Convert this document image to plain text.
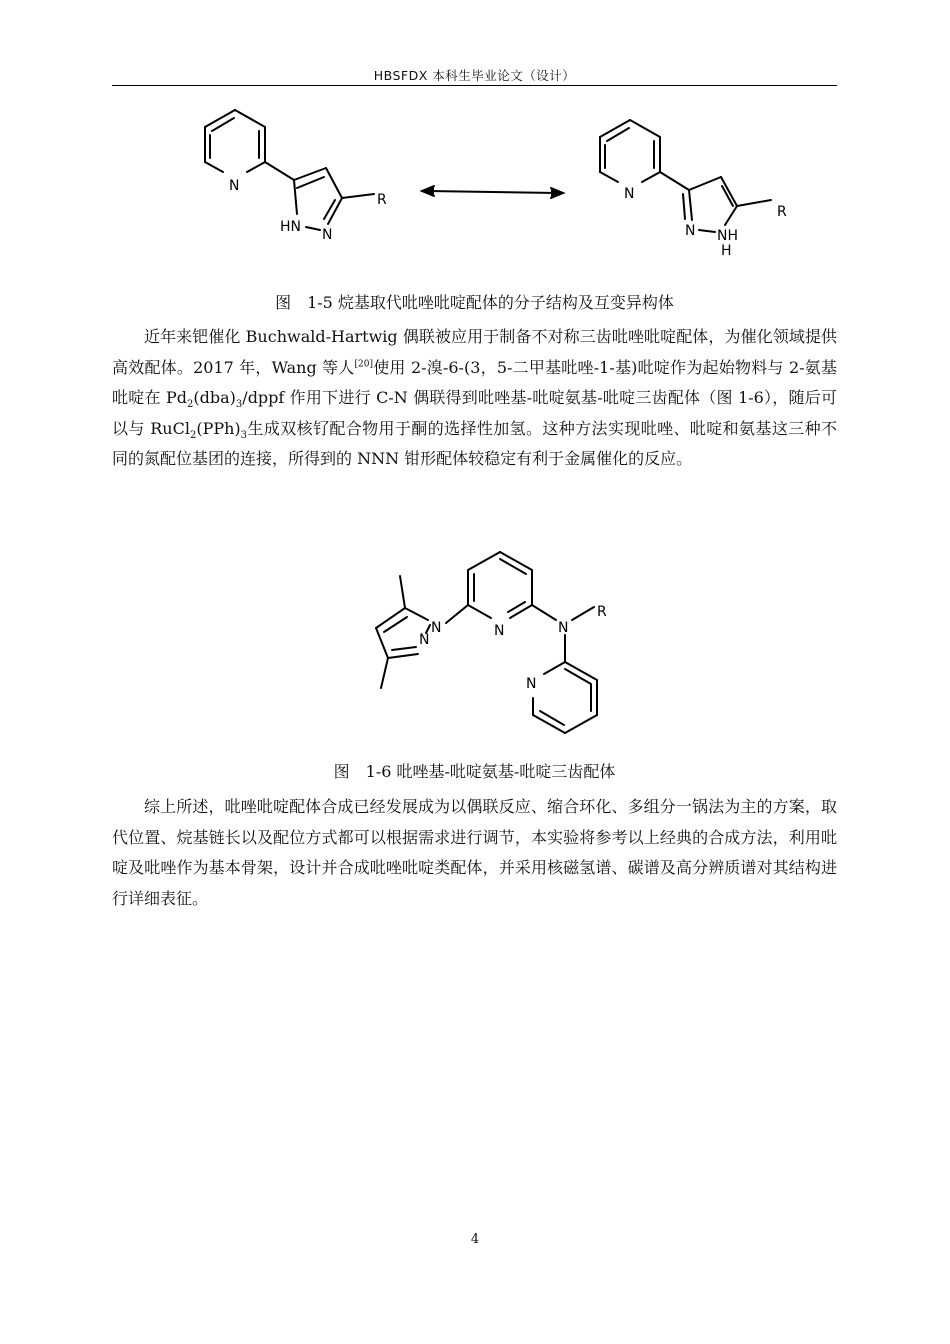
HBSFDX 本科生毕业论文（设计）
N
HN N
R	N
N NH
H
R
图　1-5 烷基取代吡唑吡啶配体的分子结构及互变异构体

近年来钯催化 Buchwald-Hartwig 偶联被应用于制备不对称三齿吡唑吡啶配体，为催化领域提供高效配体。2017 年，Wang 等人[20]使用 2-溴-6-(3，5-二甲基吡唑-1-基)吡啶作为起始物料与 2-氨基吡啶在 $Pd_2(dba)_3$/dppf 作用下进行 C-N 偶联得到吡唑基-吡啶氨基-吡啶三齿配体（图 1-6），随后可以与 $RuCl_2(PPh)_3$生成双核钌配合物用于酮的选择性加氢。这种方法实现吡唑、吡啶和氨基这三种不同的氮配位基团的连接，所得到的 NNN 钳形配体较稳定有利于金属催化的反应。

N
N	N	N
R
N
图　1-6 吡唑基-吡啶氨基-吡啶三齿配体

综上所述，吡唑吡啶配体合成已经发展成为以偶联反应、缩合环化、多组分一锅法为主的方案，取代位置、烷基链长以及配位方式都可以根据需求进行调节，本实验将参考以上经典的合成方法，利用吡啶及吡唑作为基本骨架，设计并合成吡唑吡啶类配体，并采用核磁氢谱、碳谱及高分辨质谱对其结构进行详细表征。

4
